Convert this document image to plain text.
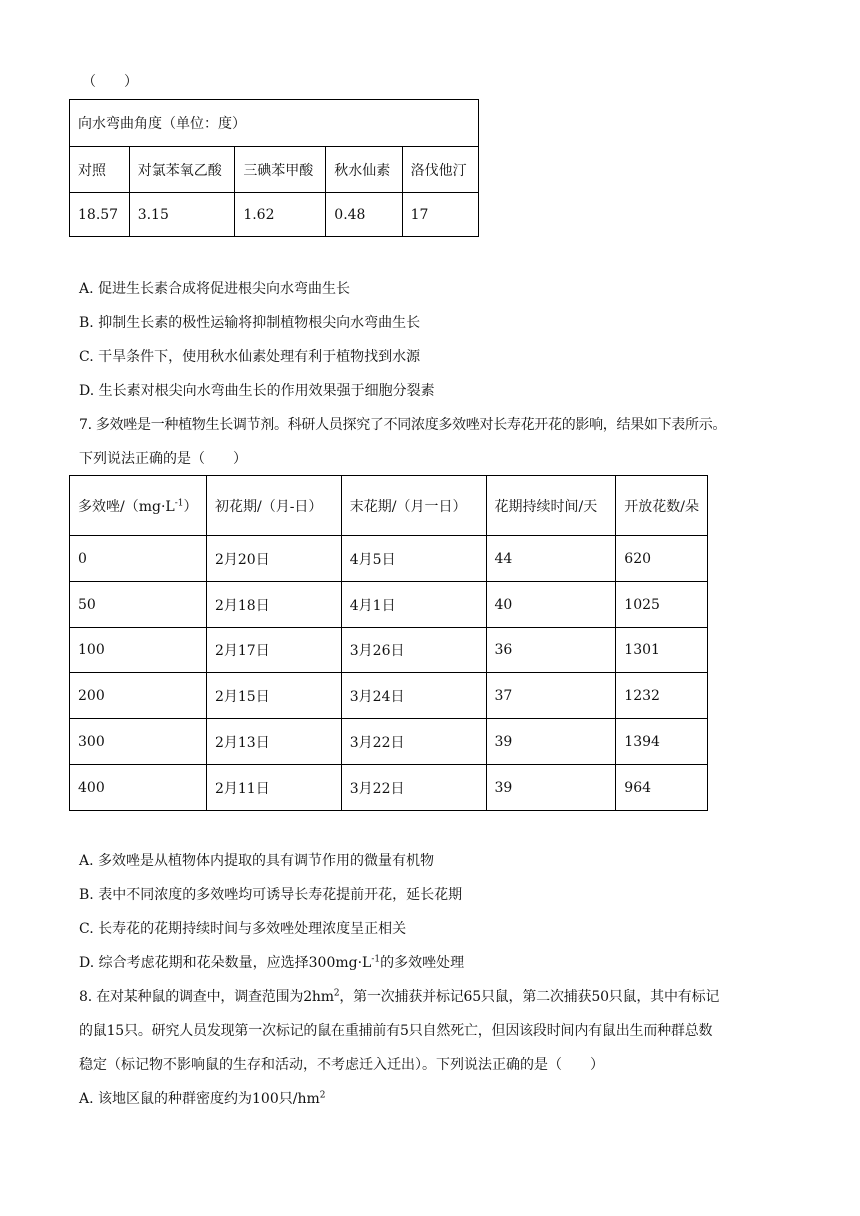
（　　）
向水弯曲角度（单位：度）				
对照	对氯苯氧乙酸	三碘苯甲酸	秋水仙素	洛伐他汀
18.57	3.15	1.62	0.48	17
A. 促进生长素合成将促进根尖向水弯曲生长
B. 抑制生长素的极性运输将抑制植物根尖向水弯曲生长
C. 干旱条件下，使用秋水仙素处理有利于植物找到水源
D. 生长素对根尖向水弯曲生长的作用效果强于细胞分裂素
7. 多效唑是一种植物生长调节剂。科研人员探究了不同浓度多效唑对长寿花开花的影响，结果如下表所示。
下列说法正确的是（　　）
多效唑$/(mg\cdot L^{-1})$	初花期/（月-日）	末花期/（月一日）	花期持续时间/天	开放花数/朵
0	2月20日	4月5日	44	620
50	2月18日	4月1日	40	1025
100	2月17日	3月26日	36	1301
200	2月15日	3月24日	37	1232
300	2月13日	3月22日	39	1394
400	2月11日	3月22日	39	964
A. 多效唑是从植物体内提取的具有调节作用的微量有机物
B. 表中不同浓度的多效唑均可诱导长寿花提前开花，延长花期
C. 长寿花的花期持续时间与多效唑处理浓度呈正相关
D. 综合考虑花期和花朵数量，应选择$300mg\cdot L^{-1}$的多效唑处理
8. 在对某种鼠的调查中，调查范围为$2hm^2$，第一次捕获并标记65只鼠，第二次捕获50只鼠，其中有标记
的鼠15只。研究人员发现第一次标记的鼠在重捕前有5只自然死亡，但因该段时间内有鼠出生而种群总数
稳定（标记物不影响鼠的生存和活动，不考虑迁入迁出）。下列说法正确的是（　　）
A. 该地区鼠的种群密度约为100只$/hm^2$
